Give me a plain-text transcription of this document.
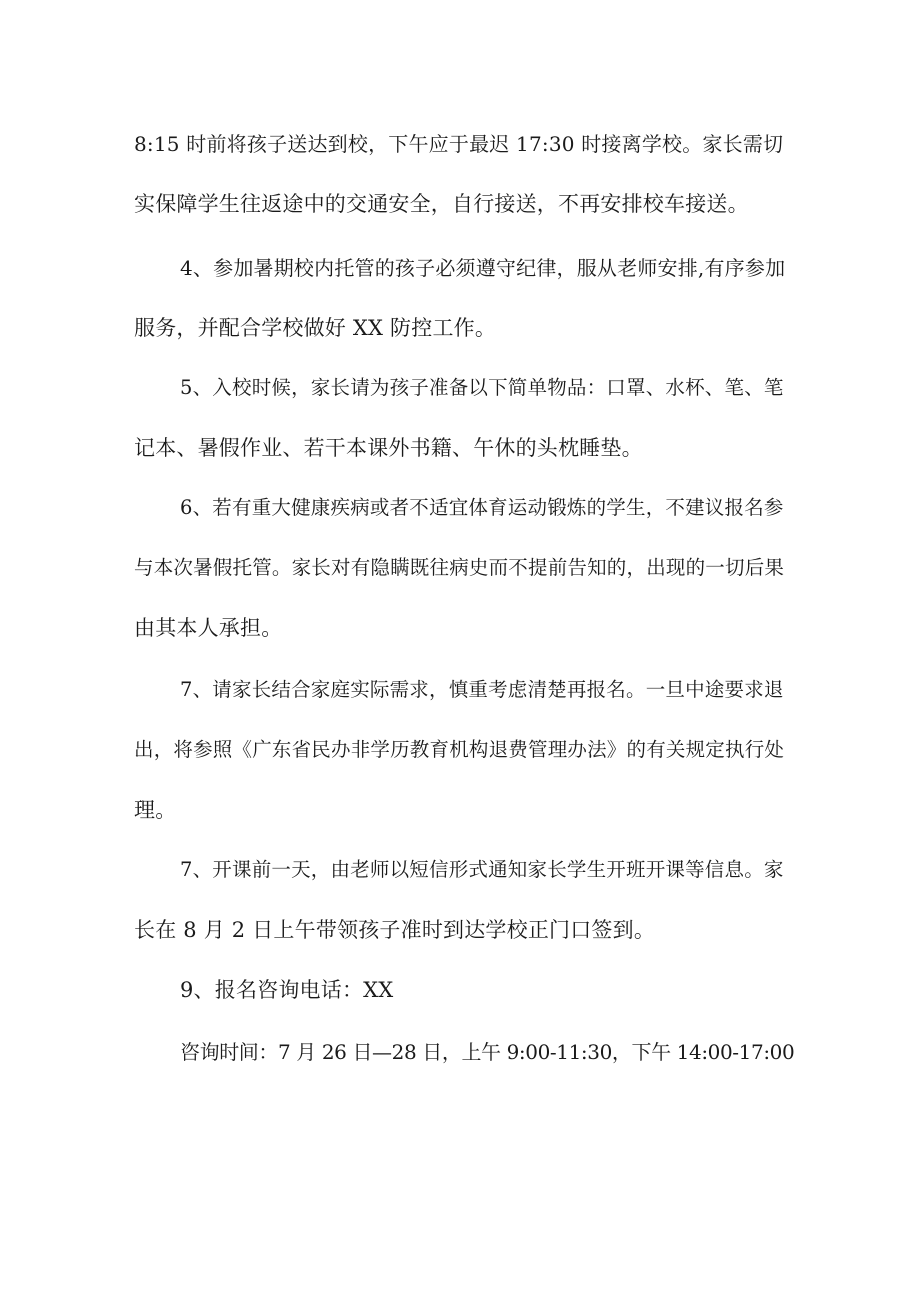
8:15 时前将孩子送达到校，下午应于最迟 17:30 时接离学校。家长需切
实保障学生往返途中的交通安全，自行接送，不再安排校车接送。

4、参加暑期校内托管的孩子必须遵守纪律，服从老师安排,有序参加
服务，并配合学校做好 XX 防控工作。

5、入校时候，家长请为孩子准备以下简单物品：口罩、水杯、笔、笔
记本、暑假作业、若干本课外书籍、午休的头枕睡垫。

6、若有重大健康疾病或者不适宜体育运动锻炼的学生，不建议报名参
与本次暑假托管。家长对有隐瞒既往病史而不提前告知的，出现的一切后果
由其本人承担。

7、请家长结合家庭实际需求，慎重考虑清楚再报名。一旦中途要求退
出，将参照《广东省民办非学历教育机构退费管理办法》的有关规定执行处
理。

7、开课前一天，由老师以短信形式通知家长学生开班开课等信息。家
长在 8 月 2 日上午带领孩子准时到达学校正门口签到。

9、报名咨询电话：XX

咨询时间：7 月 26 日—28 日，上午 9:00-11:30，下午 14:00-17:00
